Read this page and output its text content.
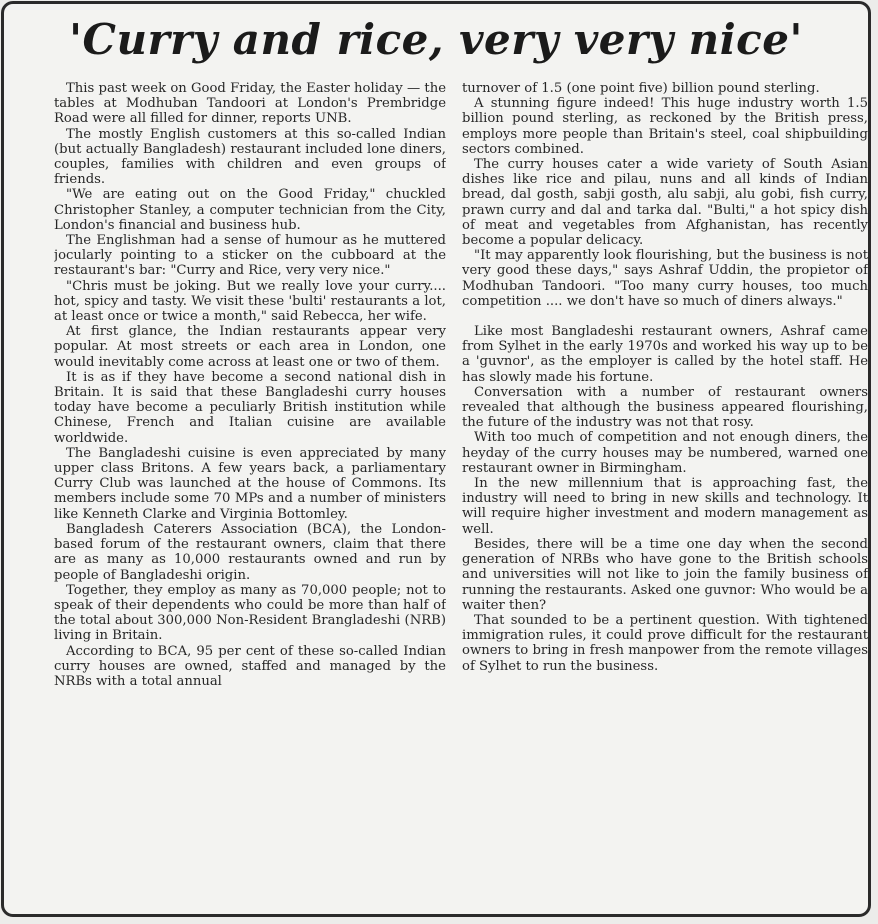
'Curry and rice, very very nice'

This past week on Good Friday, the Easter holiday — the tables at Modhuban Tandoori at London's Prembridge Road were all filled for dinner, reports UNB.

The mostly English customers at this so-called Indian (but actually Bangladesh) restaurant included lone diners, couples, families with children and even groups of friends.

"We are eating out on the Good Friday," chuckled Christopher Stanley, a computer technician from the City, London's financial and business hub.

The Englishman had a sense of humour as he muttered jocularly pointing to a sticker on the cubboard at the restaurant's bar: "Curry and Rice, very very nice."

"Chris must be joking. But we really love your curry.... hot, spicy and tasty. We visit these 'bulti' restaurants a lot, at least once or twice a month," said Rebecca, her wife.

At first glance, the Indian restaurants appear very popular. At most streets or each area in London, one would inevitably come across at least one or two of them.

It is as if they have become a second national dish in Britain. It is said that these Bangladeshi curry houses today have become a peculiarly British institution while Chinese, French and Italian cuisine are available worldwide.

The Bangladeshi cuisine is even appreciated by many upper class Britons. A few years back, a parliamentary Curry Club was launched at the house of Commons. Its members include some 70 MPs and a number of ministers like Kenneth Clarke and Virginia Bottomley.

Bangladesh Caterers Association (BCA), the London-based forum of the restaurant owners, claim that there are as many as 10,000 restaurants owned and run by people of Bangladeshi origin.

Together, they employ as many as 70,000 people; not to speak of their dependents who could be more than half of the total about 300,000 Non-Resident Brangladeshi (NRB) living in Britain.

According to BCA, 95 per cent of these so-called Indian curry houses are owned, staffed and managed by the NRBs with a total annual

turnover of 1.5 (one point five) billion pound sterling.

A stunning figure indeed! This huge industry worth 1.5 billion pound sterling, as reckoned by the British press, employs more people than Britain's steel, coal shipbuilding sectors combined.

The curry houses cater a wide variety of South Asian dishes like rice and pilau, nuns and all kinds of Indian bread, dal gosth, sabji gosth, alu sabji, alu gobi, fish curry, prawn curry and dal and tarka dal. "Bulti," a hot spicy dish of meat and vegetables from Afghanistan, has recently become a popular delicacy.

"It may apparently look flourishing, but the business is not very good these days," says Ashraf Uddin, the propietor of Modhuban Tandoori. "Too many curry houses, too much competition .... we don't have so much of diners always."

Like most Bangladeshi restaurant owners, Ashraf came from Sylhet in the early 1970s and worked his way up to be a 'guvnor', as the employer is called by the hotel staff. He has slowly made his fortune.

Conversation with a number of restaurant owners revealed that although the business appeared flourishing, the future of the industry was not that rosy.

With too much of competition and not enough diners, the heyday of the curry houses may be numbered, warned one restaurant owner in Birmingham.

In the new millennium that is approaching fast, the industry will need to bring in new skills and technology. It will require higher investment and modern management as well.

Besides, there will be a time one day when the second generation of NRBs who have gone to the British schools and universities will not like to join the family business of running the restaurants. Asked one guvnor: Who would be a waiter then?

That sounded to be a pertinent question. With tightened immigration rules, it could prove difficult for the restaurant owners to bring in fresh manpower from the remote villages of Sylhet to run the business.
